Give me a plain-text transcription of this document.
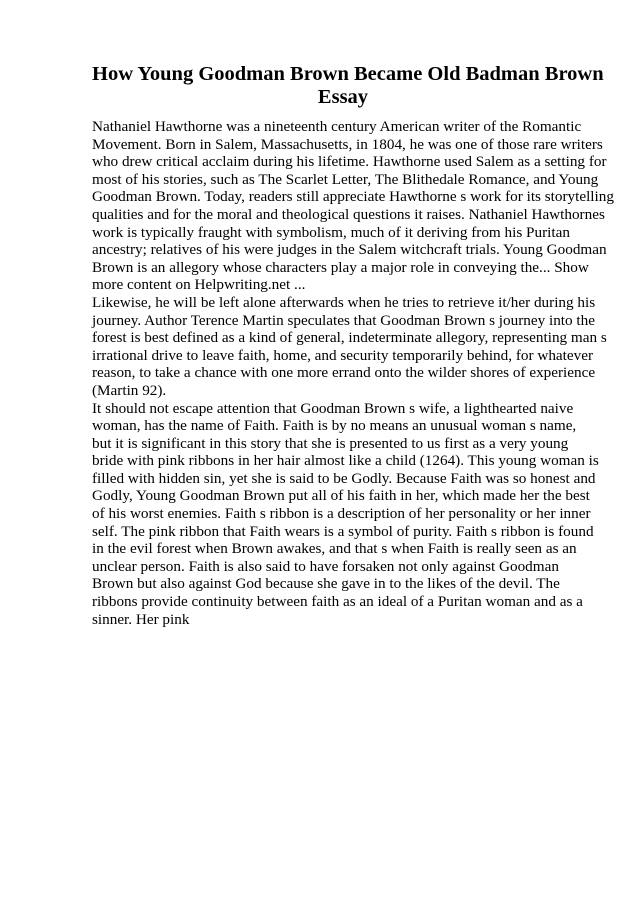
How Young Goodman Brown Became Old Badman Brown
Essay

Nathaniel Hawthorne was a nineteenth century American writer of the Romantic
Movement. Born in Salem, Massachusetts, in 1804, he was one of those rare writers
who drew critical acclaim during his lifetime. Hawthorne used Salem as a setting for
most of his stories, such as The Scarlet Letter, The Blithedale Romance, and Young
Goodman Brown. Today, readers still appreciate Hawthorne s work for its storytelling
qualities and for the moral and theological questions it raises. Nathaniel Hawthornes
work is typically fraught with symbolism, much of it deriving from his Puritan
ancestry; relatives of his were judges in the Salem witchcraft trials. Young Goodman
Brown is an allegory whose characters play a major role in conveying the... Show
more content on Helpwriting.net ...

Likewise, he will be left alone afterwards when he tries to retrieve it/her during his
journey. Author Terence Martin speculates that Goodman Brown s journey into the
forest is best defined as a kind of general, indeterminate allegory, representing man s
irrational drive to leave faith, home, and security temporarily behind, for whatever
reason, to take a chance with one more errand onto the wilder shores of experience
(Martin 92).

It should not escape attention that Goodman Brown s wife, a lighthearted naive
woman, has the name of Faith. Faith is by no means an unusual woman s name,
but it is significant in this story that she is presented to us first as a very young
bride with pink ribbons in her hair almost like a child (1264). This young woman is
filled with hidden sin, yet she is said to be Godly. Because Faith was so honest and
Godly, Young Goodman Brown put all of his faith in her, which made her the best
of his worst enemies. Faith s ribbon is a description of her personality or her inner
self. The pink ribbon that Faith wears is a symbol of purity. Faith s ribbon is found
in the evil forest when Brown awakes, and that s when Faith is really seen as an
unclear person. Faith is also said to have forsaken not only against Goodman
Brown but also against God because she gave in to the likes of the devil. The
ribbons provide continuity between faith as an ideal of a Puritan woman and as a
sinner. Her pink
